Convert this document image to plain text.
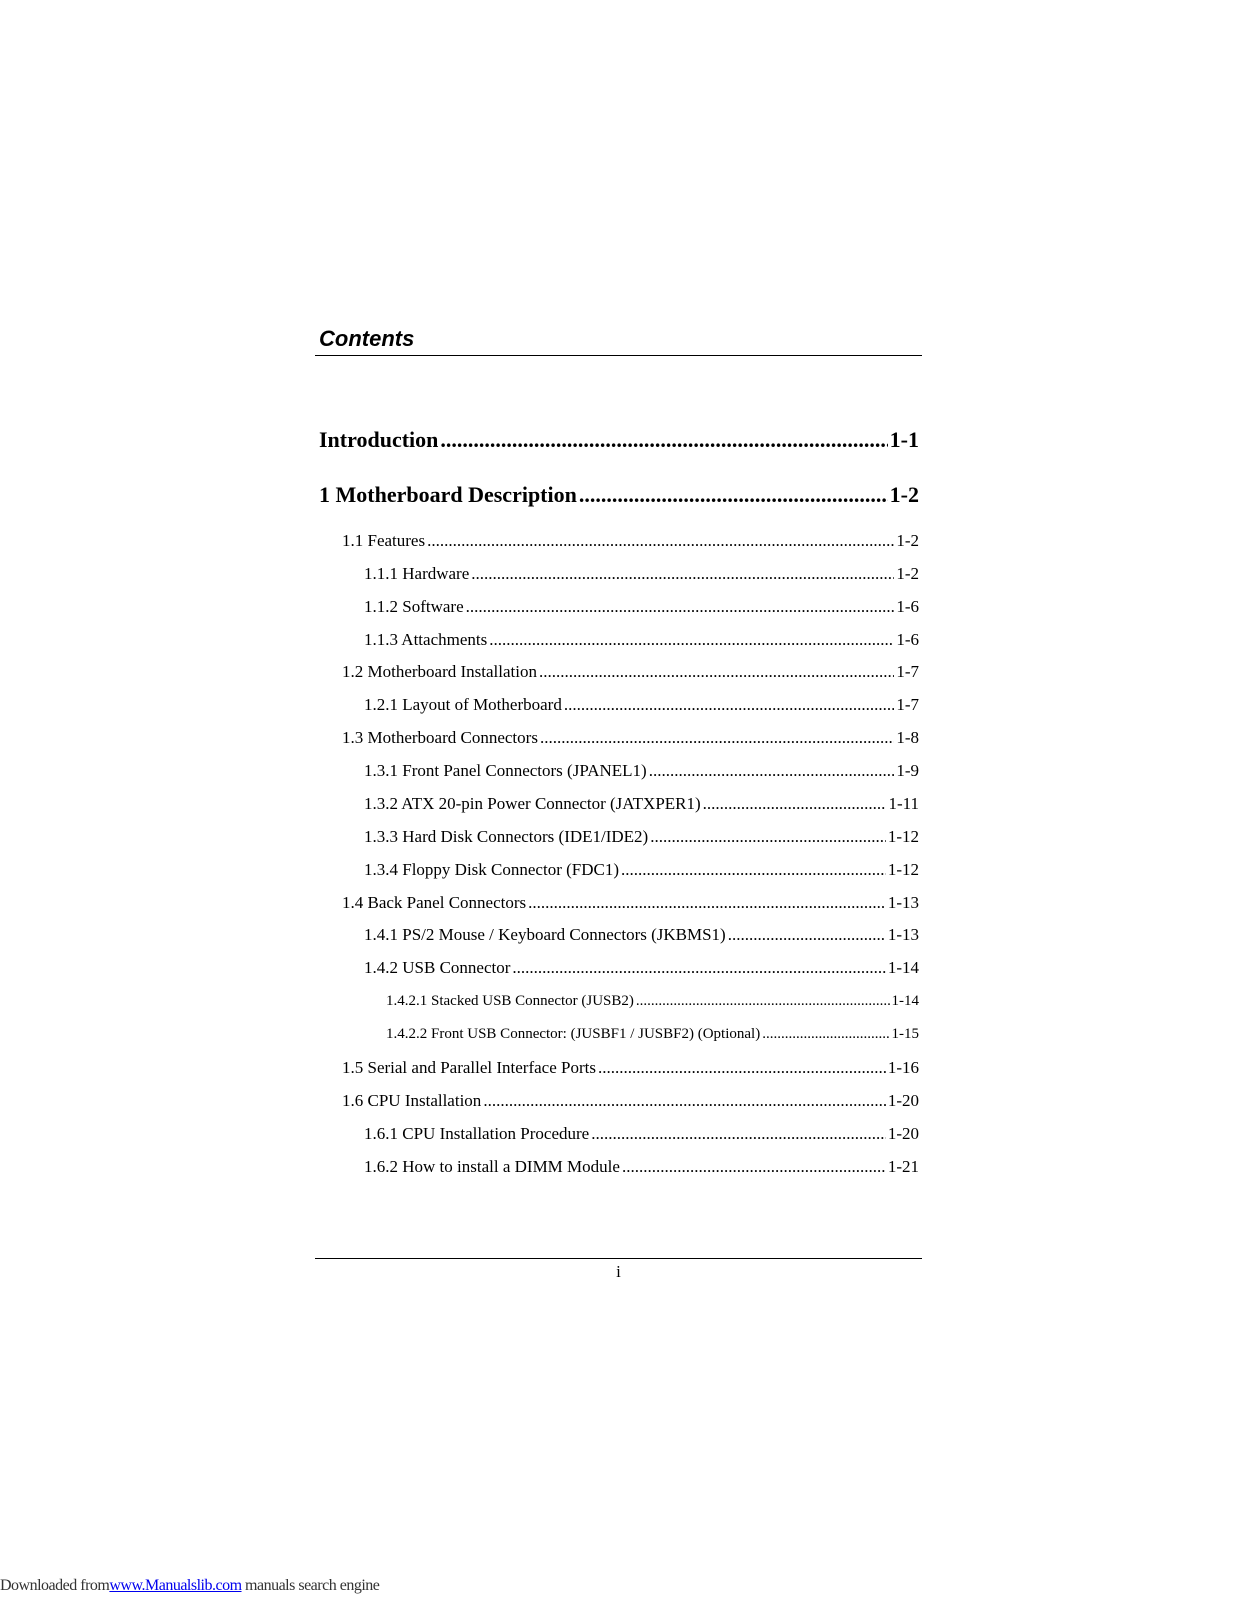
Contents
Introduction .....	1-1
1 Motherboard Description .....	1-2
1.1 Features .....	1-2
1.1.1 Hardware .....	1-2
1.1.2 Software .....	1-6
1.1.3 Attachments .....	1-6
1.2 Motherboard Installation .....	1-7
1.2.1 Layout of Motherboard .....	1-7
1.3 Motherboard Connectors .....	1-8
1.3.1 Front Panel Connectors (JPANEL1) .....	1-9
1.3.2 ATX 20-pin Power Connector (JATXPER1) .....	1-11
1.3.3 Hard Disk Connectors (IDE1/IDE2) .....	1-12
1.3.4 Floppy Disk Connector (FDC1) .....	1-12
1.4 Back Panel Connectors .....	1-13
1.4.1 PS/2 Mouse / Keyboard Connectors (JKBMS1) .....	1-13
1.4.2 USB Connector .....	1-14
1.4.2.1 Stacked USB Connector (JUSB2) .....	1-14
1.4.2.2 Front USB Connector: (JUSBF1 / JUSBF2) (Optional) .....	1-15
1.5 Serial and Parallel Interface Ports .....	1-16
1.6 CPU Installation .....	1-20
1.6.1 CPU Installation Procedure .....	1-20
1.6.2 How to install a DIMM Module .....	1-21
i
Downloaded fromwww.Manualslib.com manuals search engine
